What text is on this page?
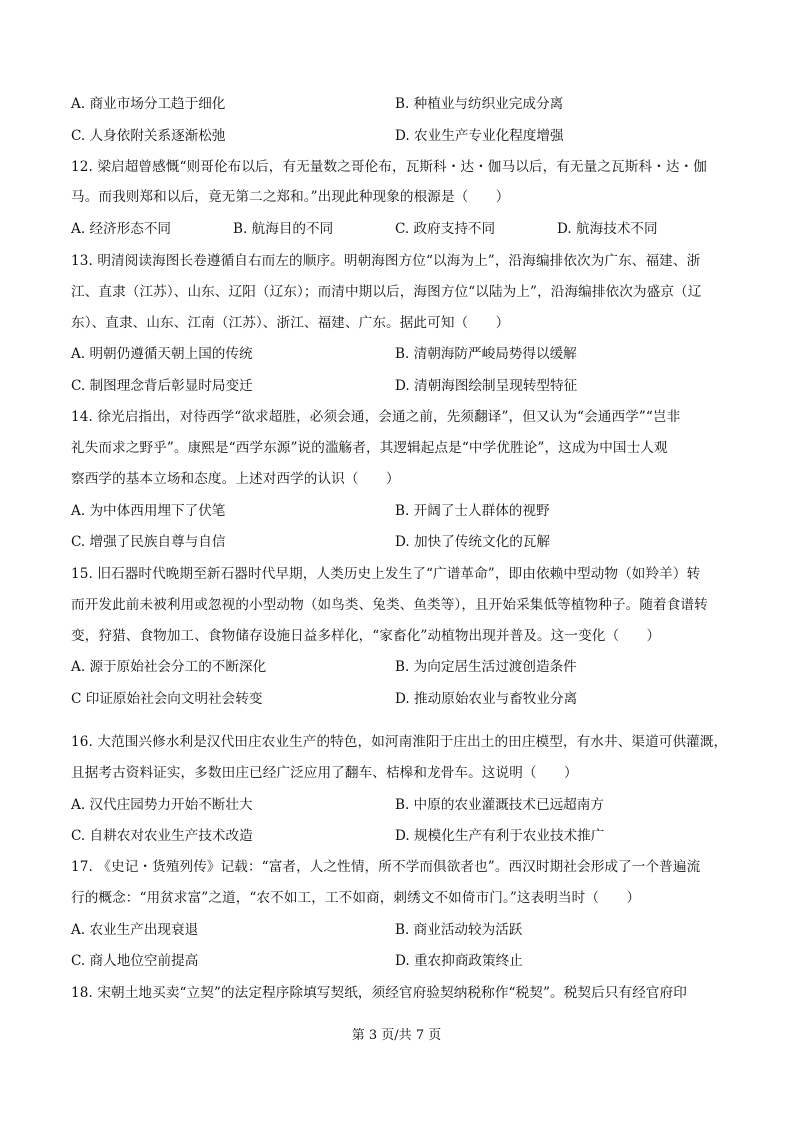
A. 商业市场分工趋于细化	B. 种植业与纺织业完成分离
C. 人身依附关系逐渐松弛	D. 农业生产专业化程度增强
12. 梁启超曾感慨“则哥伦布以后，有无量数之哥伦布，瓦斯科・达・伽马以后，有无量之瓦斯科・达・伽
马。而我则郑和以后，竟无第二之郑和。”出现此种现象的根源是（　　）
A. 经济形态不同	B. 航海目的不同	C. 政府支持不同	D. 航海技术不同
13. 明清阅读海图长卷遵循自右而左的顺序。明朝海图方位“以海为上”，沿海编排依次为广东、福建、浙
江、直隶（江苏）、山东、辽阳（辽东）；而清中期以后，海图方位“以陆为上”，沿海编排依次为盛京（辽
东）、直隶、山东、江南（江苏）、浙江、福建、广东。据此可知（　　）
A. 明朝仍遵循天朝上国的传统	B. 清朝海防严峻局势得以缓解
C. 制图理念背后彰显时局变迁	D. 清朝海图绘制呈现转型特征
14. 徐光启指出，对待西学“欲求超胜，必须会通，会通之前，先须翻译”，但又认为“会通西学”“岂非
礼失而求之野乎”。康熙是“西学东源”说的滥觞者，其逻辑起点是“中学优胜论”，这成为中国士人观
察西学的基本立场和态度。上述对西学的认识（　　）
A. 为中体西用埋下了伏笔	B. 开阔了士人群体的视野
C. 增强了民族自尊与自信	D. 加快了传统文化的瓦解
15. 旧石器时代晚期至新石器时代早期，人类历史上发生了“广谱革命”，即由依赖中型动物（如羚羊）转
而开发此前未被利用或忽视的小型动物（如鸟类、兔类、鱼类等），且开始采集低等植物种子。随着食谱转
变，狩猎、食物加工、食物储存设施日益多样化，“家畜化”动植物出现并普及。这一变化（　　）
A. 源于原始社会分工的不断深化	B. 为向定居生活过渡创造条件
C 印证原始社会向文明社会转变	D. 推动原始农业与畜牧业分离
16. 大范围兴修水利是汉代田庄农业生产的特色，如河南淮阳于庄出土的田庄模型，有水井、渠道可供灌溉，
且据考古资料证实，多数田庄已经广泛应用了翻车、桔槔和龙骨车。这说明（　　）
A. 汉代庄园势力开始不断壮大	B. 中原的农业灌溉技术已远超南方
C. 自耕农对农业生产技术改造	D. 规模化生产有利于农业技术推广
17. 《史记・货殖列传》记载：“富者，人之性情，所不学而俱欲者也”。西汉时期社会形成了一个普遍流
行的概念：“用贫求富”之道，“农不如工，工不如商，刺绣文不如倚市门。”这表明当时（　　）
A. 农业生产出现衰退	B. 商业活动较为活跃
C. 商人地位空前提高	D. 重农抑商政策终止
18. 宋朝土地买卖“立契”的法定程序除填写契纸，须经官府验契纳税称作“税契”。税契后只有经官府印
第 3 页/共 7 页
